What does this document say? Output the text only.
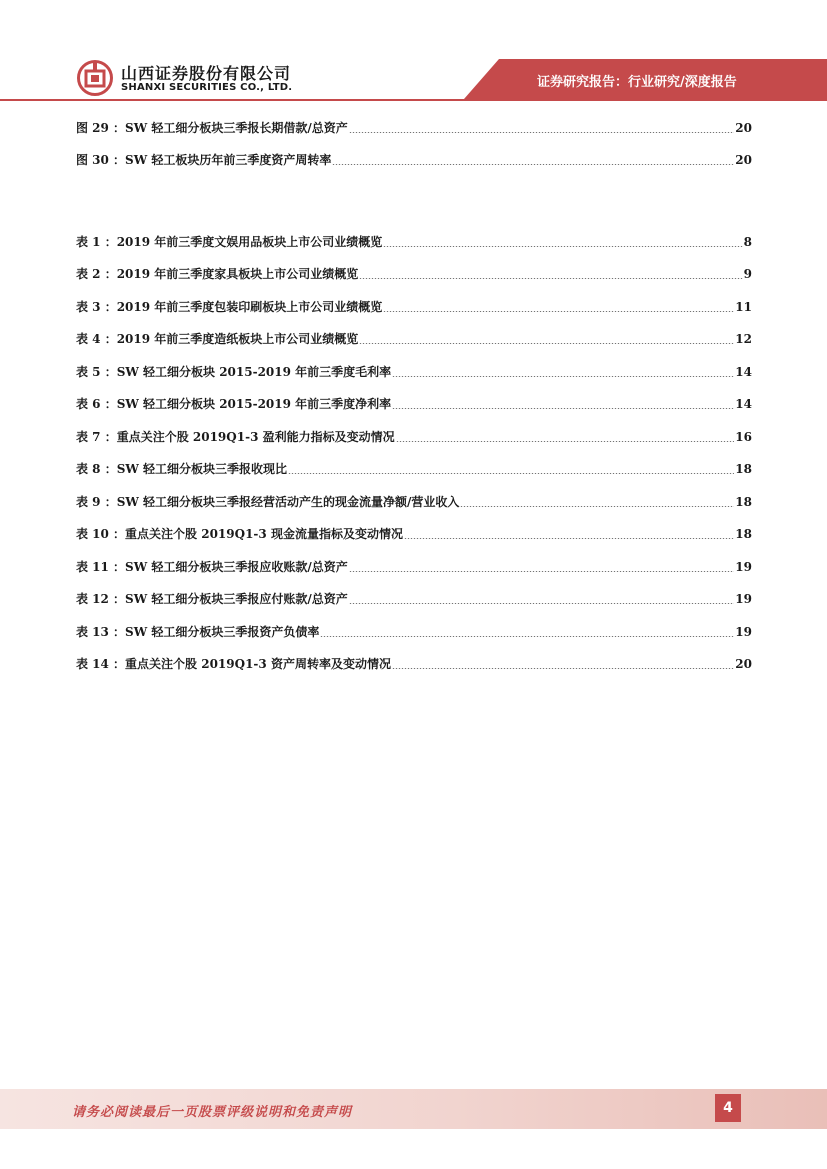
山西证券股份有限公司
SHANXI SECURITIES CO., LTD.	证券研究报告：行业研究/深度报告
图 29 ：SW 轻工细分板块三季报长期借款/总资产	20
图 30 ：SW 轻工板块历年前三季度资产周转率	20
表 1 ：2019 年前三季度文娱用品板块上市公司业绩概览	8
表 2 ：2019 年前三季度家具板块上市公司业绩概览	9
表 3 ：2019 年前三季度包装印刷板块上市公司业绩概览	11
表 4 ：2019 年前三季度造纸板块上市公司业绩概览	12
表 5 ：SW 轻工细分板块 2015-2019 年前三季度毛利率	14
表 6 ：SW 轻工细分板块 2015-2019 年前三季度净利率	14
表 7 ：重点关注个股 2019Q1-3 盈利能力指标及变动情况	16
表 8 ：SW 轻工细分板块三季报收现比	18
表 9 ：SW 轻工细分板块三季报经营活动产生的现金流量净额/营业收入	18
表 10 ：重点关注个股 2019Q1-3 现金流量指标及变动情况	18
表 11 ：SW 轻工细分板块三季报应收账款/总资产	19
表 12 ：SW 轻工细分板块三季报应付账款/总资产	19
表 13 ：SW 轻工细分板块三季报资产负债率	19
表 14 ：重点关注个股 2019Q1-3 资产周转率及变动情况	20
请务必阅读最后一页股票评级说明和免责声明	4
